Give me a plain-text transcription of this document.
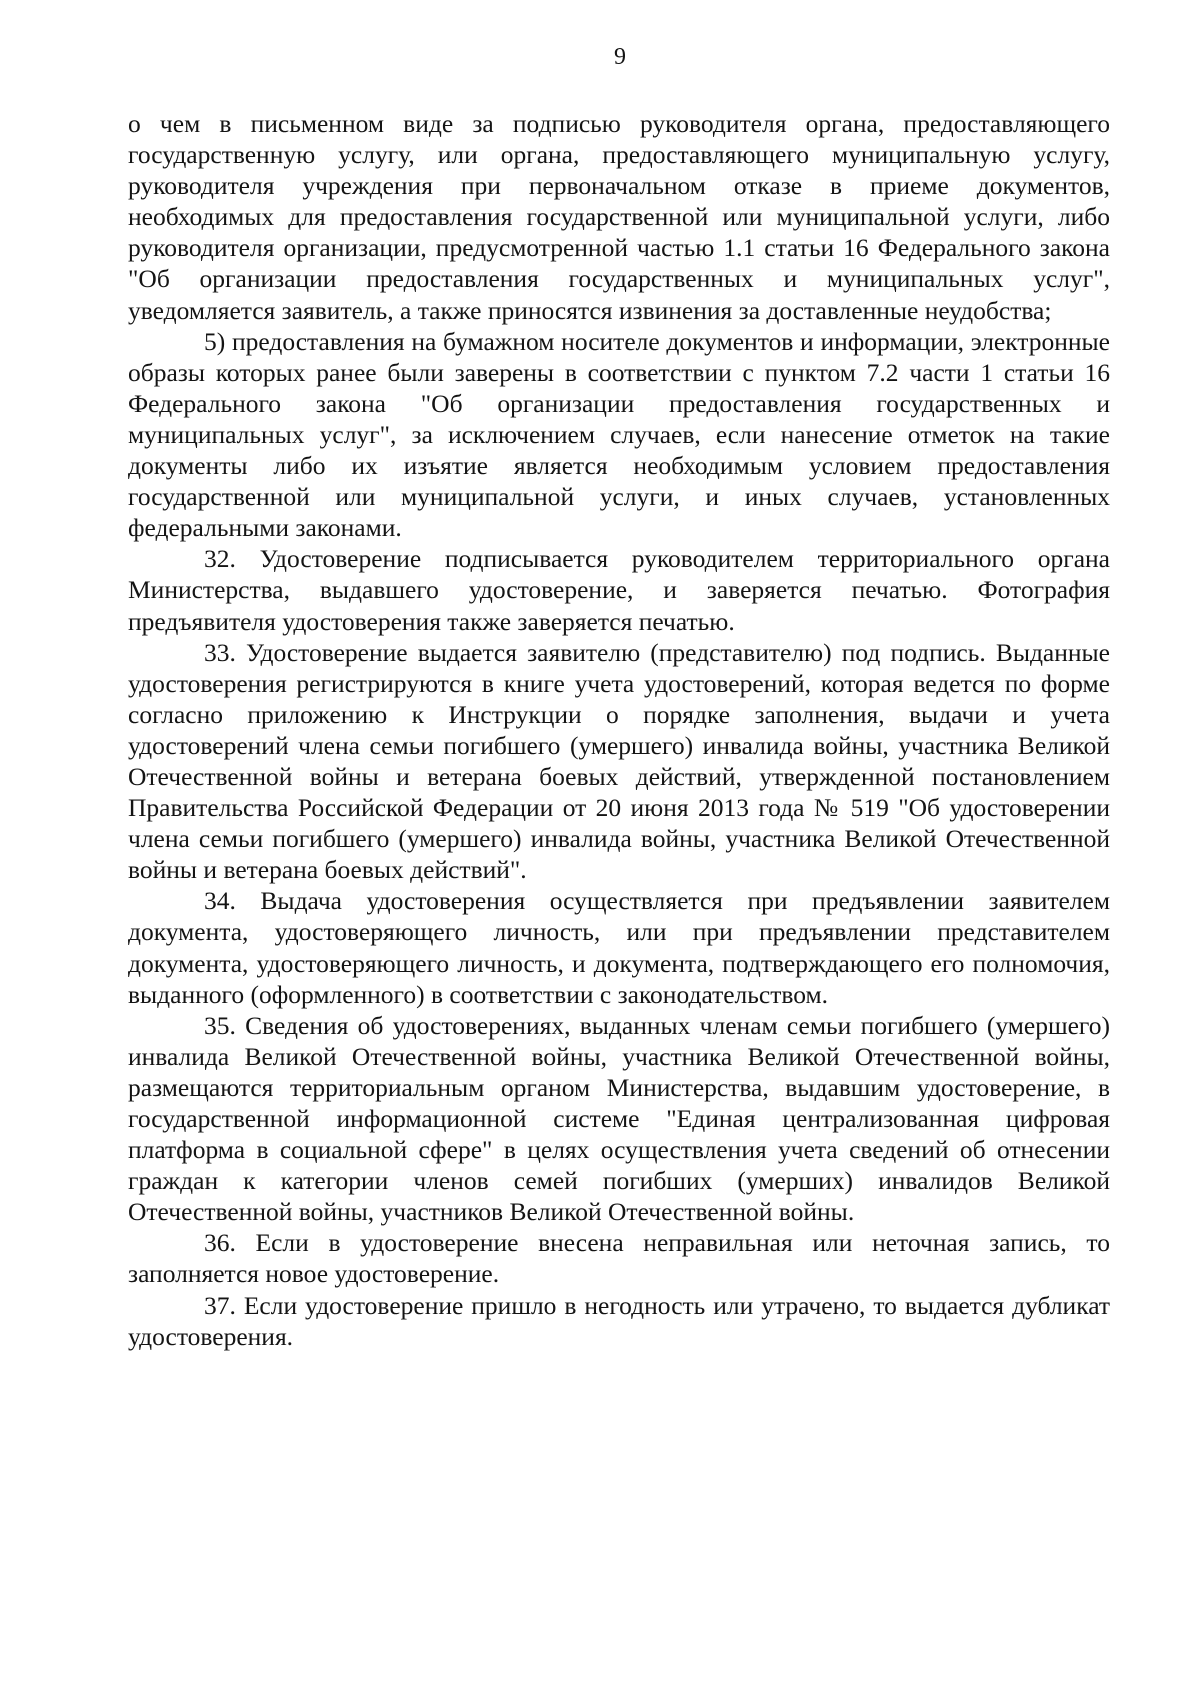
9

о чем в письменном виде за подписью руководителя органа, предоставляющего государственную услугу, или органа, предоставляющего муниципальную услугу, руководителя учреждения при первоначальном отказе в приеме документов, необходимых для предоставления государственной или муниципальной услуги, либо руководителя организации, предусмотренной частью 1.1 статьи 16 Федерального закона "Об организации предоставления государственных и муниципальных услуг", уведомляется заявитель, а также приносятся извинения за доставленные неудобства;

5) предоставления на бумажном носителе документов и информации, электронные образы которых ранее были заверены в соответствии с пунктом 7.2 части 1 статьи 16 Федерального закона "Об организации предоставления государственных и муниципальных услуг", за исключением случаев, если нанесение отметок на такие документы либо их изъятие является необходимым условием предоставления государственной или муниципальной услуги, и иных случаев, установленных федеральными законами.

32. Удостоверение подписывается руководителем территориального органа Министерства, выдавшего удостоверение, и заверяется печатью. Фотография предъявителя удостоверения также заверяется печатью.

33. Удостоверение выдается заявителю (представителю) под подпись. Выданные удостоверения регистрируются в книге учета удостоверений, которая ведется по форме согласно приложению к Инструкции о порядке заполнения, выдачи и учета удостоверений члена семьи погибшего (умершего) инвалида войны, участника Великой Отечественной войны и ветерана боевых действий, утвержденной постановлением Правительства Российской Федерации от 20 июня 2013 года № 519 "Об удостоверении члена семьи погибшего (умершего) инвалида войны, участника Великой Отечественной войны и ветерана боевых действий".

34. Выдача удостоверения осуществляется при предъявлении заявителем документа, удостоверяющего личность, или при предъявлении представителем документа, удостоверяющего личность, и документа, подтверждающего его полномочия, выданного (оформленного) в соответствии с законодательством.

35. Сведения об удостоверениях, выданных членам семьи погибшего (умершего) инвалида Великой Отечественной войны, участника Великой Отечественной войны, размещаются территориальным органом Министерства, выдавшим удостоверение, в государственной информационной системе "Единая централизованная цифровая платформа в социальной сфере" в целях осуществления учета сведений об отнесении граждан к категории членов семей погибших (умерших) инвалидов Великой Отечественной войны, участников Великой Отечественной войны.

36. Если в удостоверение внесена неправильная или неточная запись, то заполняется новое удостоверение.

37. Если удостоверение пришло в негодность или утрачено, то выдается дубликат удостоверения.
